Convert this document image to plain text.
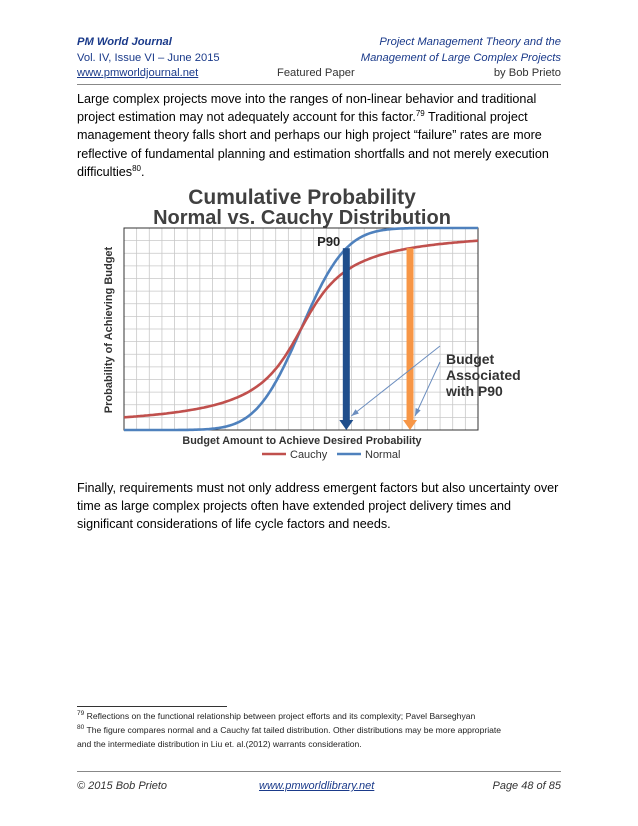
PM World Journal	Project Management Theory and the
Vol. IV, Issue VI – June 2015	Management of Large Complex Projects
www.pmworldjournal.net	Featured Paper	by Bob Prieto
Large complex projects move into the ranges of non-linear behavior and traditional
project estimation may not adequately account for this factor.$^{79}$ Traditional project
management theory falls short and perhaps our high project “failure” rates are more
reflective of fundamental planning and estimation shortfalls and not merely execution
difficulties$^{80}$.
Cumulative Probability
Normal vs. Cauchy Distribution
P90
Budget
Associated
with P90
Budget Amount to Achieve Desired Probability
Probability of Achieving Budget
Cauchy	Normal
Finally, requirements must not only address emergent factors but also uncertainty over
time as large complex projects often have extended project delivery times and
significant considerations of life cycle factors and needs.
$^{79}$ Reflections on the functional relationship between project efforts and its complexity; Pavel Barseghyan
$^{80}$ The figure compares normal and a Cauchy fat tailed distribution. Other distributions may be more appropriate
and the intermediate distribution in Liu et. al.(2012) warrants consideration.
© 2015 Bob Prieto	www.pmworldlibrary.net	Page 48 of 85
